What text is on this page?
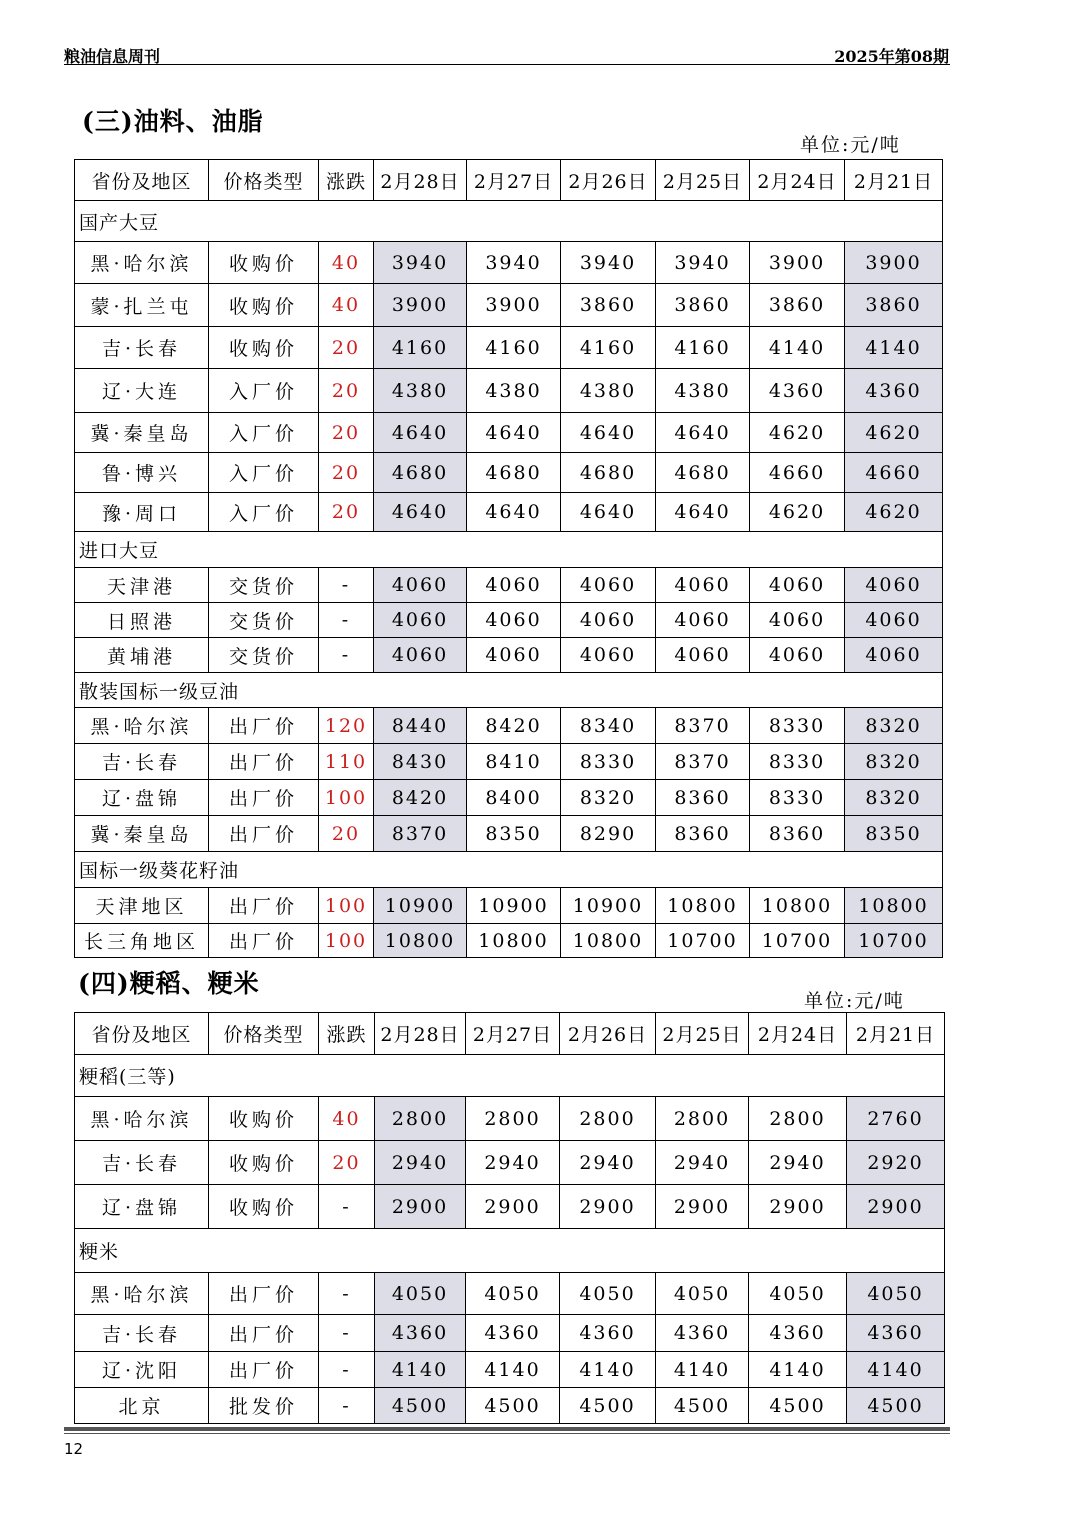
粮油信息周刊	2025年第08期
(三)油料、油脂
单位:元/吨
省份及地区	价格类型	涨跌	2月28日	2月27日	2月26日	2月25日	2月24日	2月21日
国产大豆								
黑·哈尔滨	收购价	40	3940	3940	3940	3940	3900	3900
蒙·扎兰屯	收购价	40	3900	3900	3860	3860	3860	3860
吉·长春	收购价	20	4160	4160	4160	4160	4140	4140
辽·大连	入厂价	20	4380	4380	4380	4380	4360	4360
冀·秦皇岛	入厂价	20	4640	4640	4640	4640	4620	4620
鲁·博兴	入厂价	20	4680	4680	4680	4680	4660	4660
豫·周口	入厂价	20	4640	4640	4640	4640	4620	4620
进口大豆								
天津港	交货价	-	4060	4060	4060	4060	4060	4060
日照港	交货价	-	4060	4060	4060	4060	4060	4060
黄埔港	交货价	-	4060	4060	4060	4060	4060	4060
散装国标一级豆油								
黑·哈尔滨	出厂价	120	8440	8420	8340	8370	8330	8320
吉·长春	出厂价	110	8430	8410	8330	8370	8330	8320
辽·盘锦	出厂价	100	8420	8400	8320	8360	8330	8320
冀·秦皇岛	出厂价	20	8370	8350	8290	8360	8360	8350
国标一级葵花籽油								
天津地区	出厂价	100	10900	10900	10900	10800	10800	10800
长三角地区	出厂价	100	10800	10800	10800	10700	10700	10700
(四)粳稻、粳米
单位:元/吨
省份及地区	价格类型	涨跌	2月28日	2月27日	2月26日	2月25日	2月24日	2月21日
粳稻(三等)								
黑·哈尔滨	收购价	40	2800	2800	2800	2800	2800	2760
吉·长春	收购价	20	2940	2940	2940	2940	2940	2920
辽·盘锦	收购价	-	2900	2900	2900	2900	2900	2900
粳米								
黑·哈尔滨	出厂价	-	4050	4050	4050	4050	4050	4050
吉·长春	出厂价	-	4360	4360	4360	4360	4360	4360
辽·沈阳	出厂价	-	4140	4140	4140	4140	4140	4140
北京	批发价	-	4500	4500	4500	4500	4500	4500
12
